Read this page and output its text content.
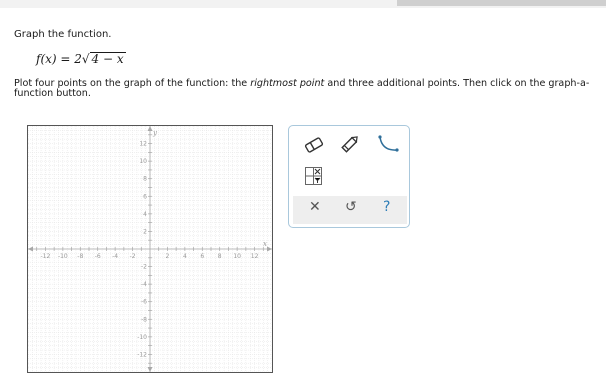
Graph the function.
f(x) = 2√ 4 − x
Plot four points on the graph of the function: the rightmost point and three additional points. Then click on the graph-a-function button.
-12 -10 -8 -6 -4 -2	2 4 6 8 10 12
12
10
8
6
4
2
-2
-4
-6
-8
-10
-12
x
y
✕ ↺ ?
